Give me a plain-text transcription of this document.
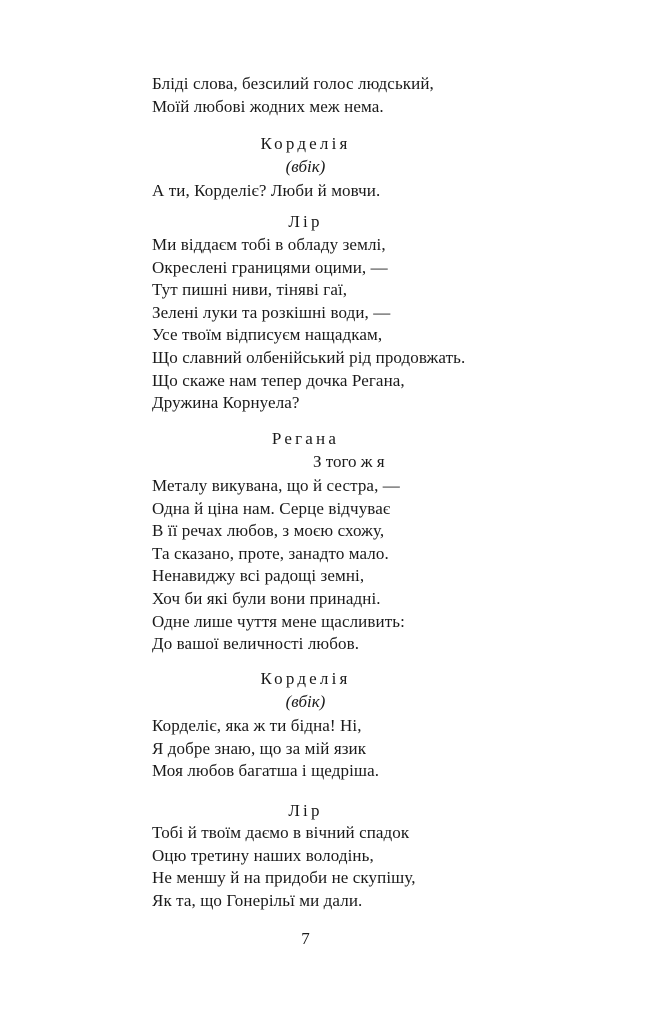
Бліді слова, безсилий голос людський,
Моїй любові жодних меж нема.
Корделія
(вбік)
А ти, Корделіє? Люби й мовчи.
Лір
Ми віддаєм тобі в обладу землі,
Окреслені границями оцими, —
Тут пишні ниви, тіняві гаї,
Зелені луки та розкішні води, —
Усе твоїм відписуєм нащадкам,
Що славний олбенійський рід продовжать.
Що скаже нам тепер дочка Регана,
Дружина Корнуела?
Регана
З того ж я
Металу викувана, що й сестра, —
Одна й ціна нам. Серце відчуває
В її речах любов, з моєю схожу,
Та сказано, проте, занадто мало.
Ненавиджу всі радощі земні,
Хоч би які були вони принадні.
Одне лише чуття мене щасливить:
До вашої величності любов.
Корделія
(вбік)
Корделіє, яка ж ти бідна! Ні,
Я добре знаю, що за мій язик
Моя любов багатша і щедріша.
Лір
Тобі й твоїм даємо в вічний спадок
Оцю третину наших володінь,
Не меншу й на придоби не скупішу,
Як та, що Гонерільї ми дали.
7
